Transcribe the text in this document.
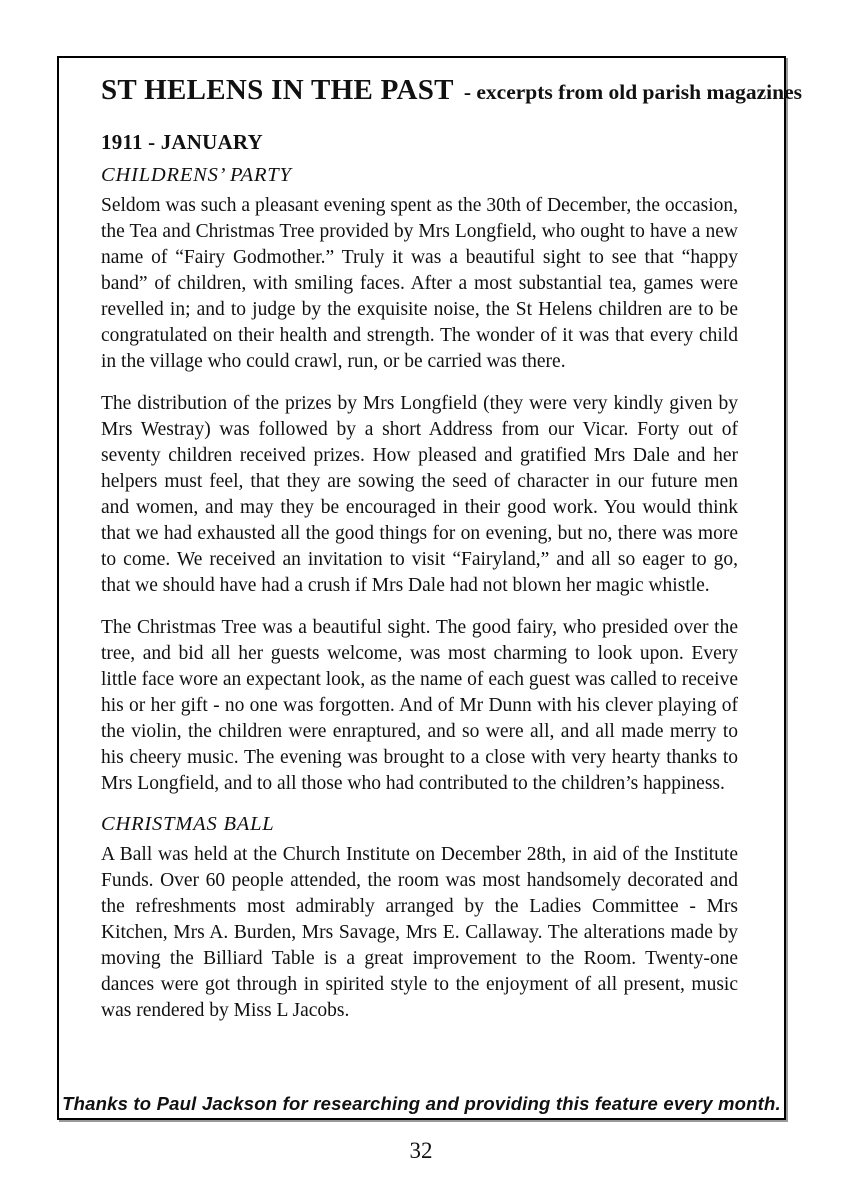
ST HELENS IN THE PAST - excerpts from old parish magazines
1911 - JANUARY
CHILDRENS’ PARTY

Seldom was such a pleasant evening spent as the 30th of December, the occasion, the Tea and Christmas Tree provided by Mrs Longfield, who ought to have a new name of “Fairy Godmother.” Truly it was a beautiful sight to see that “happy band” of children, with smiling faces. After a most substantial tea, games were revelled in; and to judge by the exquisite noise, the St Helens children are to be congratulated on their health and strength. The wonder of it was that every child in the village who could crawl, run, or be carried was there.

The distribution of the prizes by Mrs Longfield (they were very kindly given by Mrs Westray) was followed by a short Address from our Vicar. Forty out of seventy children received prizes. How pleased and gratified Mrs Dale and her helpers must feel, that they are sowing the seed of character in our future men and women, and may they be encouraged in their good work. You would think that we had exhausted all the good things for on evening, but no, there was more to come. We received an invitation to visit “Fairyland,” and all so eager to go, that we should have had a crush if Mrs Dale had not blown her magic whistle.

The Christmas Tree was a beautiful sight. The good fairy, who presided over the tree, and bid all her guests welcome, was most charming to look upon. Every little face wore an expectant look, as the name of each guest was called to receive his or her gift - no one was forgotten. And of Mr Dunn with his clever playing of the violin, the children were enraptured, and so were all, and all made merry to his cheery music. The evening was brought to a close with very hearty thanks to Mrs Longfield, and to all those who had contributed to the children’s happiness.

CHRISTMAS BALL

A Ball was held at the Church Institute on December 28th, in aid of the Institute Funds. Over 60 people attended, the room was most handsomely decorated and the refreshments most admirably arranged by the Ladies Committee - Mrs Kitchen, Mrs A. Burden, Mrs Savage, Mrs E. Callaway. The alterations made by moving the Billiard Table is a great improvement to the Room. Twenty-one dances were got through in spirited style to the enjoyment of all present, music was rendered by Miss L Jacobs.

Thanks to Paul Jackson for researching and providing this feature every month.
32
